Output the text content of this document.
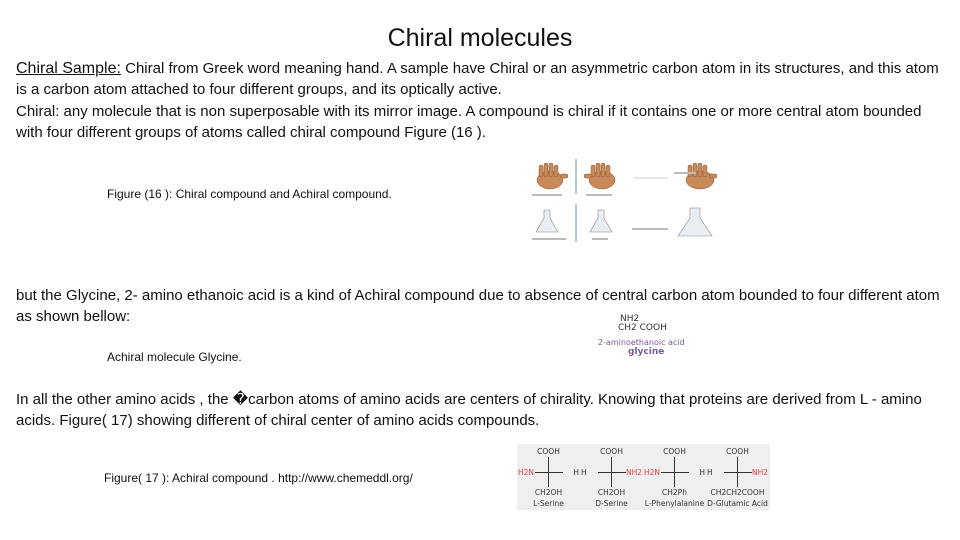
Chiral molecules
Chiral Sample: Chiral from Greek word meaning hand. A sample have Chiral or an asymmetric carbon atom in its structures, and this atom is a carbon atom attached to four different groups, and its optically active.
Chiral: any molecule that is non superposable with its mirror image. A compound is chiral if it contains one or more central atom bounded with four different groups of atoms called chiral compound Figure (16 ).
Figure (16 ): Chiral compound and Achiral compound.
but the Glycine, 2- amino ethanoic acid is a kind of Achiral compound due to absence of central carbon atom bounded to four different atom as shown bellow:
Achiral molecule Glycine.
NH2
CH2 COOH
2-aminoethanoic acid
glycine
In all the other amino acids , the �carbon atoms of amino acids are centers of chirality. Knowing that proteins are derived from L - amino acids. Figure( 17) showing different of chiral center of amino acids compounds.
Figure( 17 ): Achiral compound . http://www.chemeddl.org/
COOH
H2N	H
CH2OH
L-Serine
COOH
H	NH2
CH2OH
D-Serine
COOH
H2N	H
CH2Ph
L-Phenylalanine
COOH
H	NH2
CH2CH2COOH
D-Glutamic Acid
